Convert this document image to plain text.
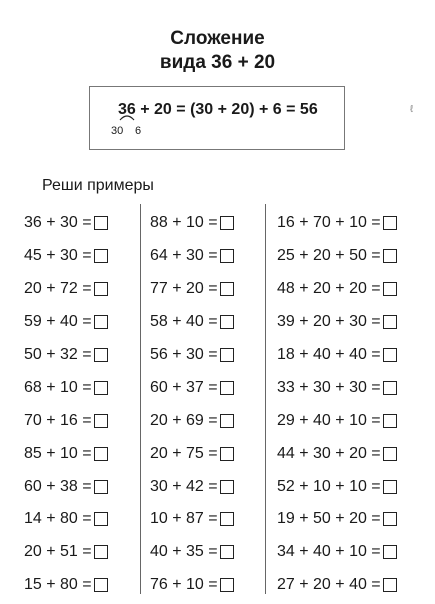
Сложение
вида 36 + 20
36 + 20 = (30 + 20) + 6 = 56
30 6
ℓ
Реши примеры
36 + 30 =
45 + 30 =
20 + 72 =
59 + 40 =
50 + 32 =
68 + 10 =
70 + 16 =
85 + 10 =
60 + 38 =
14 + 80 =
20 + 51 =
15 + 80 =
88 + 10 =
64 + 30 =
77 + 20 =
58 + 40 =
56 + 30 =
60 + 37 =
20 + 69 =
20 + 75 =
30 + 42 =
10 + 87 =
40 + 35 =
76 + 10 =
16 + 70 + 10 =
25 + 20 + 50 =
48 + 20 + 20 =
39 + 20 + 30 =
18 + 40 + 40 =
33 + 30 + 30 =
29 + 40 + 10 =
44 + 30 + 20 =
52 + 10 + 10 =
19 + 50 + 20 =
34 + 40 + 10 =
27 + 20 + 40 =
